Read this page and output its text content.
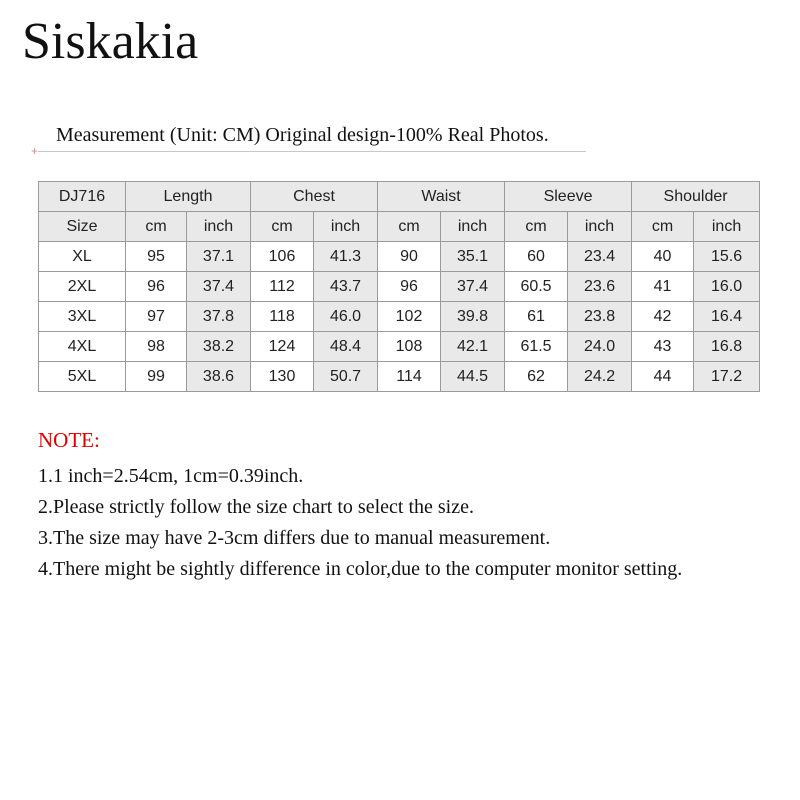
Siskakia
Measurement (Unit: CM) Original design-100% Real Photos.
+
DJ716	Length		Chest		Waist		Sleeve		Shoulder	
Size	cm	inch	cm	inch	cm	inch	cm	inch	cm	inch
XL	95	37.1	106	41.3	90	35.1	60	23.4	40	15.6
2XL	96	37.4	112	43.7	96	37.4	60.5	23.6	41	16.0
3XL	97	37.8	118	46.0	102	39.8	61	23.8	42	16.4
4XL	98	38.2	124	48.4	108	42.1	61.5	24.0	43	16.8
5XL	99	38.6	130	50.7	114	44.5	62	24.2	44	17.2
NOTE:
1.1 inch=2.54cm, 1cm=0.39inch.
2.Please strictly follow the size chart to select the size.
3.The size may have 2-3cm differs due to manual measurement.
4.There might be sightly difference in color,due to the computer monitor setting.
